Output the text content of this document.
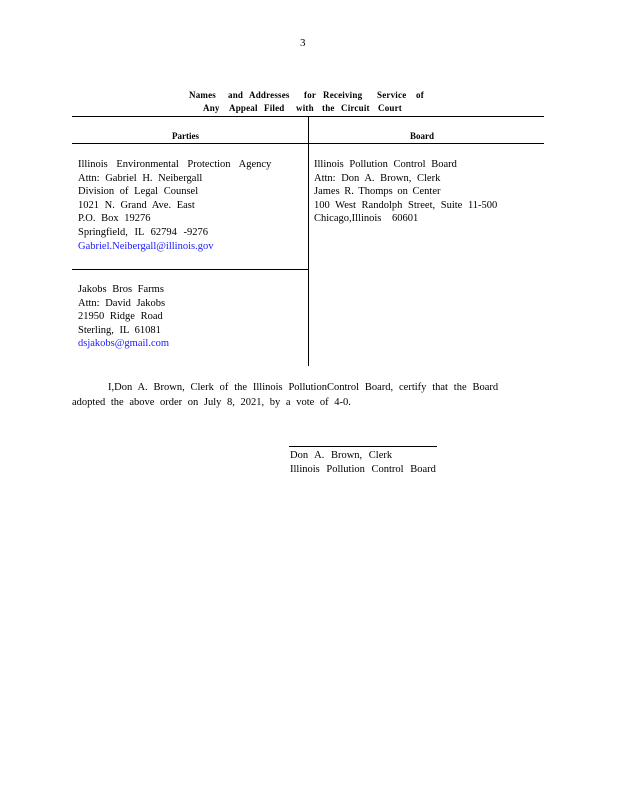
3
Names and Addresses for Receiving Service of
Any Appeal Filed with the Circuit Court
Parties	Board
Illinois Environmental Protection Agency
Attn: Gabriel H. Neibergall
Division of Legal Counsel
1021 N. Grand Ave. East
P.O. Box 19276
Springfield, IL 62794 -9276
Gabriel.Neibergall@illinois.gov
Jakobs Bros Farms
Attn: David Jakobs
21950 Ridge Road
Sterling, IL 61081
dsjakobs@gmail.com
Illinois Pollution Control Board
Attn: Don A. Brown, Clerk
James R. Thomps on Center
100 West Randolph Street, Suite 11-500
Chicago,Illinois 60601
I,Don A. Brown, Clerk of the Illinois PollutionControl Board, certify that the Board
adopted the above order on July 8, 2021, by a vote of 4-0.
Don A. Brown, Clerk
Illinois Pollution Control Board
